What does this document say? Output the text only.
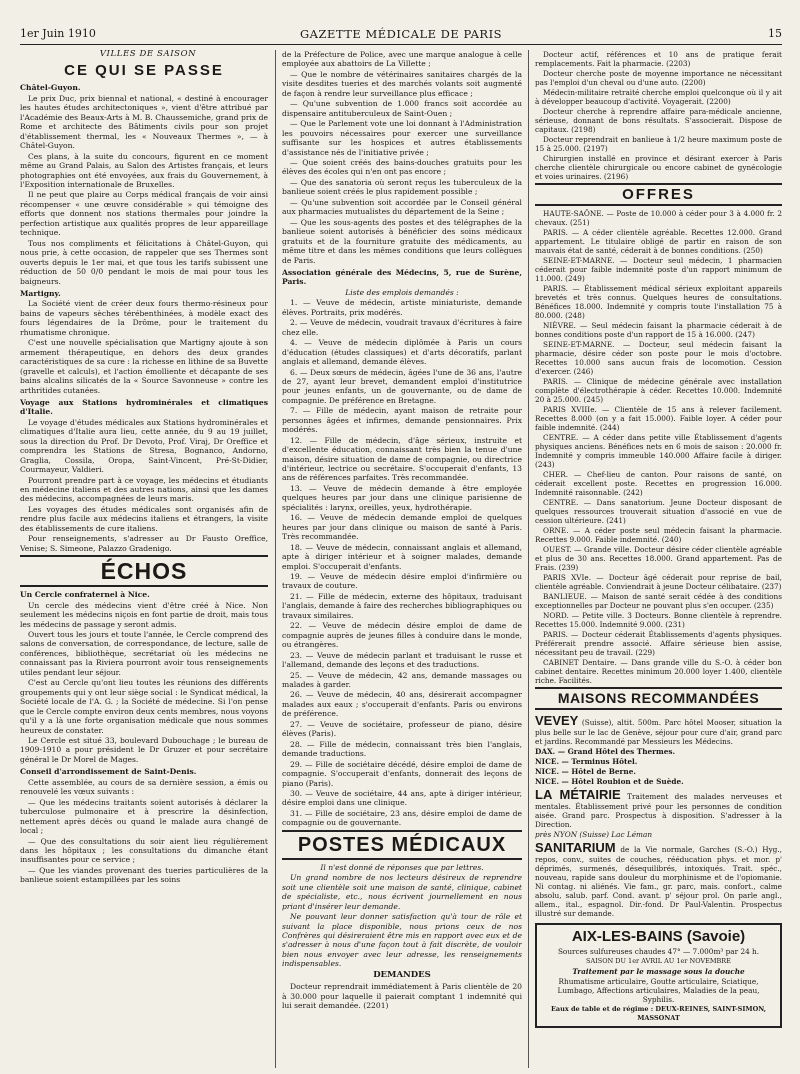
1er Juin 1910	GAZETTE MÉDICALE DE PARIS	15

VILLES DE SAISON

CE QUI SE PASSE

Châtel-Guyon.

Le prix Duc, prix biennal et national, « destiné à encourager les hautes études architectoniques », vient d'être attribué par l'Académie des Beaux-Arts à M. B. Chaussemiche, grand prix de Rome et architecte des Bâtiments civils pour son projet d'établissement thermal, les « Nouveaux Thermes », — à Châtel-Guyon.

Ces plans, à la suite du concours, figurent en ce moment même au Grand Palais, au Salon des Artistes français, et leurs photographies ont été envoyées, aux frais du Gouvernement, à l'Exposition internationale de Bruxelles.

Il ne peut que plaire au Corps médical français de voir ainsi récompenser « une œuvre considérable » qui témoigne des efforts que donnent nos stations thermales pour joindre la perfection artistique aux qualités propres de leur appareillage technique.

Tous nos compliments et félicitations à Châtel-Guyon, qui nous prie, à cette occasion, de rappeler que ses Thermes sont ouverts depuis le 1er mai, et que tous les tarifs subissent une réduction de 50 0/0 pendant le mois de mai pour tous les baigneurs.

Martigny.

La Société vient de créer deux fours thermo-résineux pour bains de vapeurs sèches térébenthinées, à modèle exact des fours légendaires de la Drôme, pour le traitement du rhumatisme chronique.

C'est une nouvelle spécialisation que Martigny ajoute à son armement thérapeutique, en dehors des deux grandes caractéristiques de sa cure : la richesse en lithine de sa Buvette (gravelle et calculs), et l'action émolliente et décapante de ses bains alcalins silicatés de la « Source Savonneuse » contre les arthritides cutanées.

Voyage aux Stations hydrominérales et climatiques d'Italie.

Le voyage d'études médicales aux Stations hydrominérales et climatiques d'Italie aura lieu, cette année, du 9 au 19 juillet, sous la direction du Prof. Dr Devoto, Prof. Viraj, Dr Oreffice et comprendra les Stations de Stresa, Bognanco, Andorno, Graglia, Cossila, Oropa, Saint-Vincent, Pré-St-Didier, Courmayeur, Valdieri.

Pourront prendre part à ce voyage, les médecins et étudiants en médecine italiens et des autres nations, ainsi que les dames des médecins, accompagnées de leurs maris.

Les voyages des études médicales sont organisés afin de rendre plus facile aux médecins italiens et étrangers, la visite des établissements de cure italiens.

Pour renseignements, s'adresser au Dr Fausto Oreffice, Venise; S. Simeone, Palazzo Gradenigo.

ÉCHOS

Un Cercle confraternel à Nice.

Un cercle des médecins vient d'être créé à Nice. Non seulement les médecins niçois en font partie de droit, mais tous les médecins de passage y seront admis.

Ouvert tous les jours et toute l'année, le Cercle comprend des salons de conversation, de correspondance, de lecture, salle de conférences, bibliothèque, secrétariat où les médecins ne connaissant pas la Riviera pourront avoir tous renseignements utiles pendant leur séjour.

C'est au Cercle qu'ont lieu toutes les réunions des différents groupements qui y ont leur siège social : le Syndicat médical, la Société locale de l'A. G. ; la Société de médecine. Si l'on pense que le Cercle compte environ deux cents membres, nous voyons qu'il y a là une forte organisation médicale que nous sommes heureux de constater.

Le Cercle est situé 33, boulevard Dubouchage ; le bureau de 1909-1910 a pour président le Dr Gruzer et pour secrétaire général le Dr Morel de Mages.

Conseil d'arrondissement de Saint-Denis.

Cette assemblée, au cours de sa dernière session, a émis ou renouvelé les vœux suivants :

— Que les médecins traitants soient autorisés à déclarer la tuberculose pulmonaire et à prescrire la désinfection, nettement après décès ou quand le malade aura changé de local ;

— Que des consultations du soir aient lieu régulièrement dans les hôpitaux ; les consultations du dimanche étant insuffisantes pour ce service ;

— Que les viandes provenant des tueries particulières de la banlieue soient estampillées par les soins

de la Préfecture de Police, avec une marque analogue à celle employée aux abattoirs de La Villette ;

— Que le nombre de vétérinaires sanitaires chargés de la visite desdites tueries et des marchés volants soit augmenté de façon à rendre leur surveillance plus efficace ;

— Qu'une subvention de 1.000 francs soit accordée au dispensaire antituberculeux de Saint-Ouen ;

— Que le Parlement vote une loi donnant à l'Administration les pouvoirs nécessaires pour exercer une surveillance suffisante sur les hospices et autres établissements d'assistance nés de l'initiative privée ;

— Que soient créés des bains-douches gratuits pour les élèves des écoles qui n'en ont pas encore ;

— Que des sanatoria où seront reçus les tuberculeux de la banlieue soient créés le plus rapidement possible ;

— Qu'une subvention soit accordée par le Conseil général aux pharmacies mutualistes du département de la Seine ;

— Que les sous-agents des postes et des télégraphes de la banlieue soient autorisés à bénéficier des soins médicaux gratuits et de la fourniture gratuite des médicaments, au même titre et dans les mêmes conditions que leurs collègues de Paris.

Association générale des Médecins, 5, rue de Surène, Paris.

Liste des emplois demandés :

1. — Veuve de médecin, artiste miniaturiste, demande élèves. Portraits, prix modérés.

2. — Veuve de médecin, voudrait travaux d'écritures à faire chez elle.

4. — Veuve de médecin diplômée à Paris un cours d'éducation (études classiques) et d'arts décoratifs, parlant anglais et allemand, demande élèves.

6. — Deux sœurs de médecin, âgées l'une de 36 ans, l'autre de 27, ayant leur brevet, demandent emploi d'institutrice pour jeunes enfants, un de gouvernante, ou de dame de compagnie. De préférence en Bretagne.

7. — Fille de médecin, ayant maison de retraite pour personnes âgées et infirmes, demande pensionnaires. Prix modérés.

12. — Fille de médecin, d'âge sérieux, instruite et d'excellente éducation, connaissant très bien la tenue d'une maison, désire situation de dame de compagnie, ou directrice d'intérieur, lectrice ou secrétaire. S'occuperait d'enfants, 13 ans de références parfaites. Très recommandée.

13. — Veuve de médecin demande à être employée quelques heures par jour dans une clinique parisienne de spécialités : larynx, oreilles, yeux, hydrothérapie.

16. — Veuve de médecin demande emploi de quelques heures par jour dans clinique ou maison de santé à Paris. Très recommandée.

18. — Veuve de médecin, connaissant anglais et allemand, apte à diriger intérieur et à soigner malades, demande emploi. S'occuperait d'enfants.

19. — Veuve de médecin désire emploi d'infirmière ou travaux de couture.

21. — Fille de médecin, externe des hôpitaux, traduisant l'anglais, demande à faire des recherches bibliographiques ou travaux similaires.

22. — Veuve de médecin désire emploi de dame de compagnie auprès de jeunes filles à conduire dans le monde, ou étrangères.

23. — Veuve de médecin parlant et traduisant le russe et l'allemand, demande des leçons et des traductions.

25. — Veuve de médecin, 42 ans, demande massages ou malades à garder.

26. — Veuve de médecin, 40 ans, désirerait accompagner malades aux eaux ; s'occuperait d'enfants. Paris ou environs de préférence.

27. — Veuve de sociétaire, professeur de piano, désire élèves (Paris).

28. — Fille de médecin, connaissant très bien l'anglais, demande traductions.

29. — Fille de sociétaire décédé, désire emploi de dame de compagnie. S'occuperait d'enfants, donnerait des leçons de piano (Paris).

30. — Veuve de sociétaire, 44 ans, apte à diriger intérieur, désire emploi dans une clinique.

31. — Fille de sociétaire, 23 ans, désire emploi de dame de compagnie ou de gouvernante.

POSTES MÉDICAUX

Il n'est donné de réponses que par lettres.

Un grand nombre de nos lecteurs désireux de reprendre soit une clientèle soit une maison de santé, clinique, cabinet de spécialiste, etc., nous écrivent journellement en nous priant d'insérer leur demande.

Ne pouvant leur donner satisfaction qu'à tour de rôle et suivant la place disponible, nous prions ceux de nos Confrères qui désireraient être mis en rapport avec eux et de s'adresser à nous d'une façon tout à fait discrète, de vouloir bien nous envoyer avec leur adresse, les renseignements indispensables.

DEMANDES

Docteur reprendrait immédiatement à Paris clientèle de 20 à 30.000 pour laquelle il paierait comptant 1 indemnité qui lui serait demandée. (2201)

Docteur actif, références et 10 ans de pratique ferait remplacements. Fait la pharmacie. (2203)

Docteur cherche poste de moyenne importance ne nécessitant pas l'emploi d'un cheval ou d'une auto. (2200)

Médecin-militaire retraité cherche emploi quelconque où il y ait à développer beaucoup d'activité. Voyagerait. (2200)

Docteur cherche à reprendre affaire para-médicale ancienne, sérieuse, donnant de bons résultats. S'associerait. Dispose de capitaux. (2198)

Docteur reprendrait en banlieue à 1/2 heure maximum poste de 15 à 25.000. (2197)

Chirurgien installé en province et désirant exercer à Paris cherche clientèle chirurgicale ou encore cabinet de gynécologie et voies urinaires. (2196)

OFFRES

HAUTE-SAÔNE. — Poste de 10.000 à céder pour 3 à 4.000 fr. 2 chevaux. (251)

PARIS. — A céder clientèle agréable. Recettes 12.000. Grand appartement. Le titulaire obligé de partir en raison de son mauvais état de santé, céderait à de bonnes conditions. (250)

SEINE-ET-MARNE. — Docteur seul médecin, 1 pharmacien céderait pour faible indemnité poste d'un rapport minimum de 11.000. (249)

PARIS. — Établissement médical sérieux exploitant appareils brevetés et très connus. Quelques heures de consultations. Bénéfices 18.000. Indemnité y compris toute l'installation 75 à 80.000. (248)

NIÈVRE. — Seul médecin faisant la pharmacie céderait à de bonnes conditions poste d'un rapport de 15 à 16.000. (247)

SEINE-ET-MARNE. — Docteur, seul médecin faisant la pharmacie, désire céder son poste pour le mois d'octobre. Recettes 10.000 sans aucun frais de locomotion. Cession d'exercer. (246)

PARIS. — Clinique de médecine générale avec installation complète d'électrothérapie à céder. Recettes 10.000. Indemnité 20 à 25.000. (245)

PARIS XVIIIe. — Clientèle de 15 ans à relever facilement. Recettes 8.000 (on y a fait 15.000). Faible loyer. A céder pour faible indemnité. (244)

CENTRE. — A céder dans petite ville Établissement d'agents physiques anciens. Bénéfices nets en 6 mois de saison : 20.000 fr. Indemnité y compris immeuble 140.000 Affaire facile à diriger. (243)

CHER. — Chef-lieu de canton. Pour raisons de santé, on céderait excellent poste. Recettes en progression 16.000. Indemnité raisonnable. (242)

CENTRE. — Dans sanatorium. Jeune Docteur disposant de quelques ressources trouverait situation d'associé en vue de cession ultérieure. (241)

ORNE. — A céder poste seul médecin faisant la pharmacie. Recettes 9.000. Faible indemnité. (240)

OUEST. — Grande ville. Docteur désire céder clientèle agréable et plus de 30 ans. Recettes 18.000. Grand appartement. Pas de Frais. (239)

PARIS XVIe. — Docteur âgé céderait pour reprise de bail, clientèle agréable. Conviendrait à jeune Docteur célibataire. (237)

BANLIEUE. — Maison de santé serait cédée à des conditions exceptionnelles par Docteur ne pouvant plus s'en occuper. (235)

NORD. — Petite ville. 3 Docteurs. Bonne clientèle à reprendre. Recettes 15.000. Indemnité 9.000. (231)

PARIS. — Docteur céderait Établissements d'agents physiques. Préférerait prendre associé. Affaire sérieuse bien assise, nécessitant peu de travail. (229)

CABINET Dentaire. — Dans grande ville du S.-O. à céder bon cabinet dentaire. Recettes minimum 20.000 loyer 1.400, clientèle riche. Facilités.

MAISONS RECOMMANDÉES

VEVEY (Suisse), altit. 500m. Parc hôtel Mooser, situation la plus belle sur le lac de Genève, séjour pour cure d'air, grand parc et jardins. Recommandé par Messieurs les Médecins.

DAX. — Grand Hôtel des Thermes.

NICE. — Terminus Hôtel.

NICE. — Hôtel de Berne.

NICE. — Hôtel Roubion et de Suède.

LA MÉTAIRIE Traitement des malades nerveuses et mentales. Établissement privé pour les personnes de condition aisée. Grand parc. Prospectus à disposition. S'adresser à la Direction.

près NYON (Suisse) Lac Léman

SANITARIUM de la Vie normale, Garches (S.-O.) Hyg., repos, conv., suites de couches, rééducation phys. et mor. p' déprimés, surmenés, désequilibrés, intoxiqués. Trait. spéc., nouveau, rapide sans douleur du morphinisme et de l'opiomanie. Ni contag. ni aliénés. Vie fam., gr. parc, mais. confort., calme absolu, salub. parf. Cond. avant. p' séjour prol. On parle angl., allem., ital., espagnol. Dir.-fond. Dr Paul-Valentin. Prospectus illustré sur demande.

AIX-LES-BAINS (Savoie)

Sources sulfureuses chaudes 47° — 7.000m³ par 24 h.

SAISON DU 1er AVRIL AU 1er NOVEMBRE

Traitement par le massage sous la douche

Rhumatisme articulaire, Goutte articulaire, Sciatique, Lumbago, Affections articulaires, Maladies de la peau, Syphilis.

Eaux de table et de régime : DEUX-REINES, SAINT-SIMON, MASSONAT
